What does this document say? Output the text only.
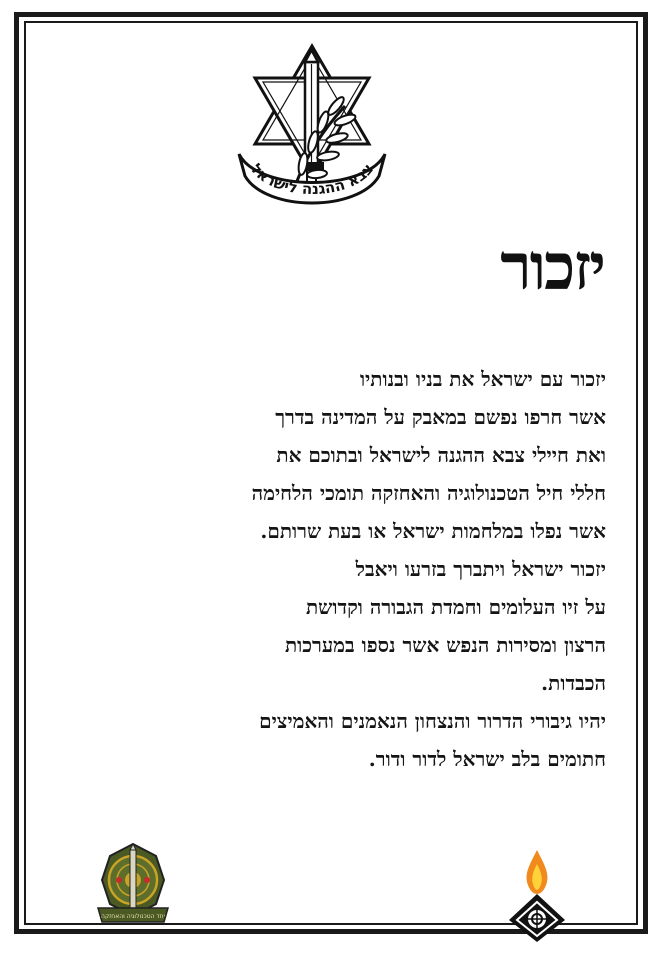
צבא ההגנה לישראל
יזכור
יזכור עם ישראל את בניו ובנותיו
אשר חרפו נפשם במאבק על המדינה בדרך
ואת חיילי צבא ההגנה לישראל ובתוכם את
חללי חיל הטכנולוגיה והאחזקה תומכי הלחימה
אשר נפלו במלחמות ישראל או בעת שרותם.
יזכור ישראל ויתברך בזרעו ויאבל
על זיו העלומים וחמדת הגבורה וקדושת
הרצון ומסירות הנפש אשר נספו במערכות
הכבדות.
יהיו גיבורי הדרור והנצחון הנאמנים והאמיצים
חתומים בלב ישראל לדור ודור.
יחד הטכנולוגיה והאחזקה
